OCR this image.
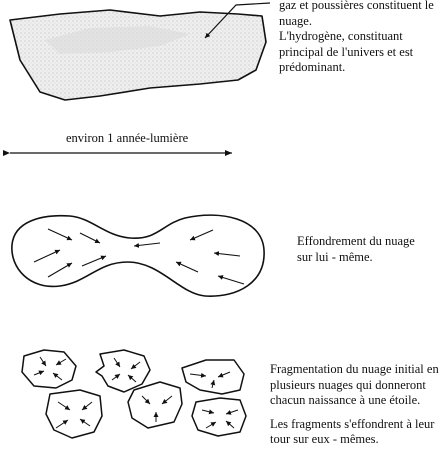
gaz et poussières constituent le
nuage.
L'hydrogène, constituant
principal de l'univers et est
prédominant.
environ 1 année-lumière
Effondrement du nuage
sur lui - même.
Fragmentation du nuage initial en
plusieurs nuages qui donneront
chacun naissance à une étoile.
Les fragments s'effondrent à leur
tour sur eux - mêmes.
